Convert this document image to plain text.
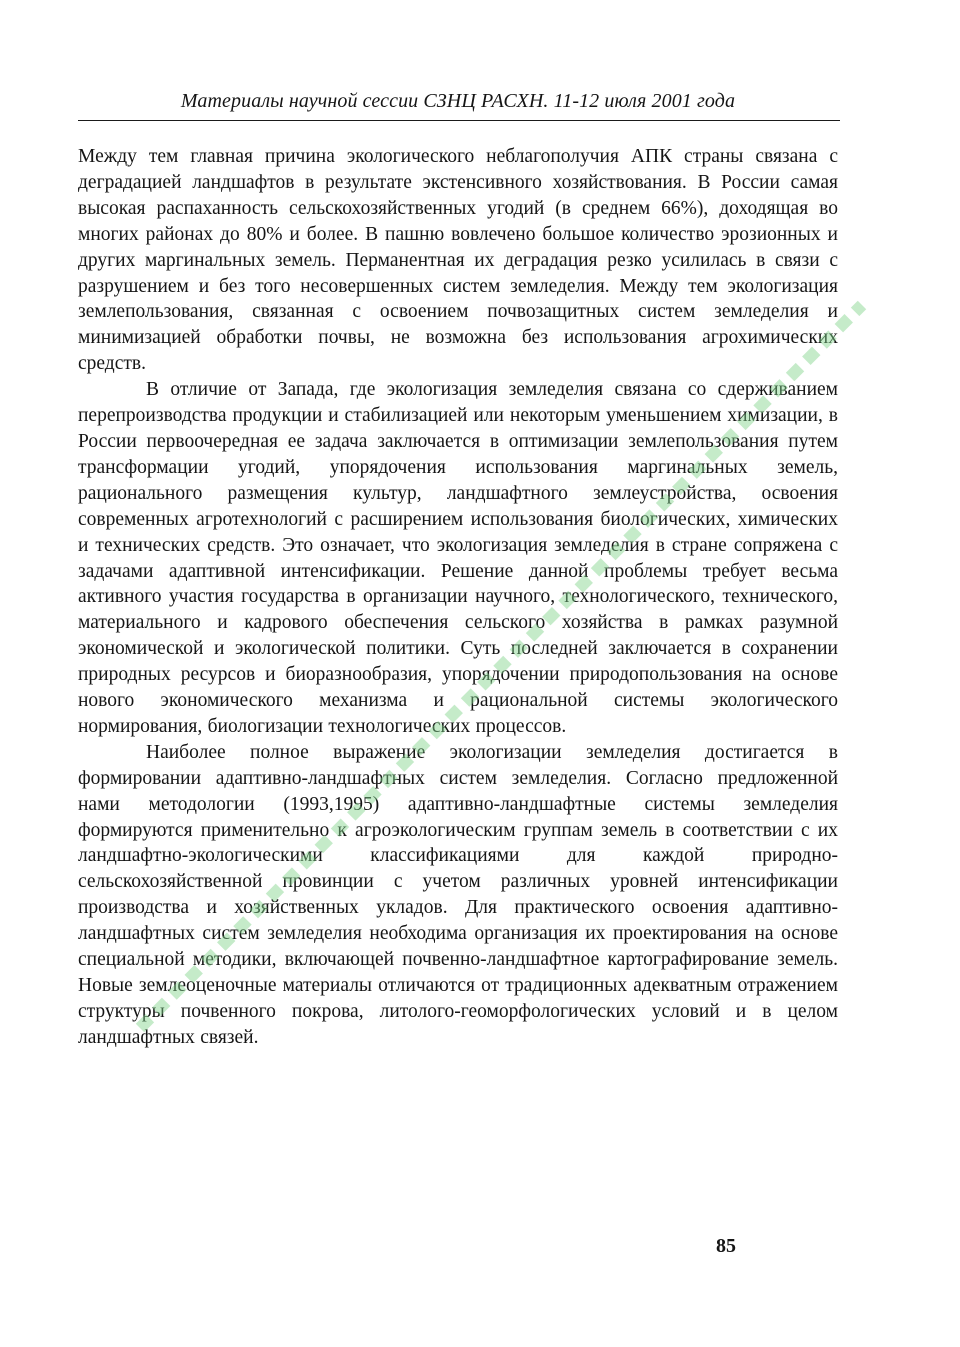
Материалы научной сессии СЗНЦ РАСХН. 11-12 июля 2001 года

Между тем главная причина экологического неблагополучия АПК страны связана с деградацией ландшафтов в результате экстенсивного хозяйствования. В России самая высокая распаханность сельскохозяйственных угодий (в среднем 66%), доходящая во многих районах до 80% и более. В пашню вовлечено большое количество эрозионных и других маргинальных земель. Перманентная их деградация резко усилилась в связи с разрушением и без того несовершенных систем земледелия. Между тем экологизация землепользования, связанная с освоением почвозащитных систем земледелия и минимизацией обработки почвы, не возможна без использования агрохимических средств.

В отличие от Запада, где экологизация земледелия связана со сдерживанием перепроизводства продукции и стабилизацией или некоторым уменьшением химизации, в России первоочередная ее задача заключается в оптимизации землепользования путем трансформации угодий, упорядочения использования маргинальных земель, рационального размещения культур, ландшафтного землеустройства, освоения современных агротехнологий с расширением использования биологических, химических и технических средств. Это означает, что экологизация земледелия в стране сопряжена с задачами адаптивной интенсификации. Решение данной проблемы требует весьма активного участия государства в организации научного, технологического, технического, материального и кадрового обеспечения сельского хозяйства в рамках разумной экономической и экологической политики. Суть последней заключается в сохранении природных ресурсов и биоразнообразия, упорядочении природопользования на основе нового экономического механизма и рациональной системы экологического нормирования, биологизации технологических процессов.

Наиболее полное выражение экологизации земледелия достигается в формировании адаптивно-ландшафтных систем земледелия. Согласно предложенной нами методологии (1993,1995) адаптивно-ландшафтные системы земледелия формируются применительно к агроэкологическим группам земель в соответствии с их ландшафтно-экологическими классификациями для каждой природно-сельскохозяйственной провинции с учетом различных уровней интенсификации производства и хозяйственных укладов. Для практического освоения адаптивно-ландшафтных систем земледелия необходима организация их проектирования на основе специальной методики, включающей почвенно-ландшафтное картографирование земель. Новые землеоценочные материалы отличаются от традиционных адекватным отражением структуры почвенного покрова, литолого-геоморфологических условий и в целом ландшафтных связей.

85
